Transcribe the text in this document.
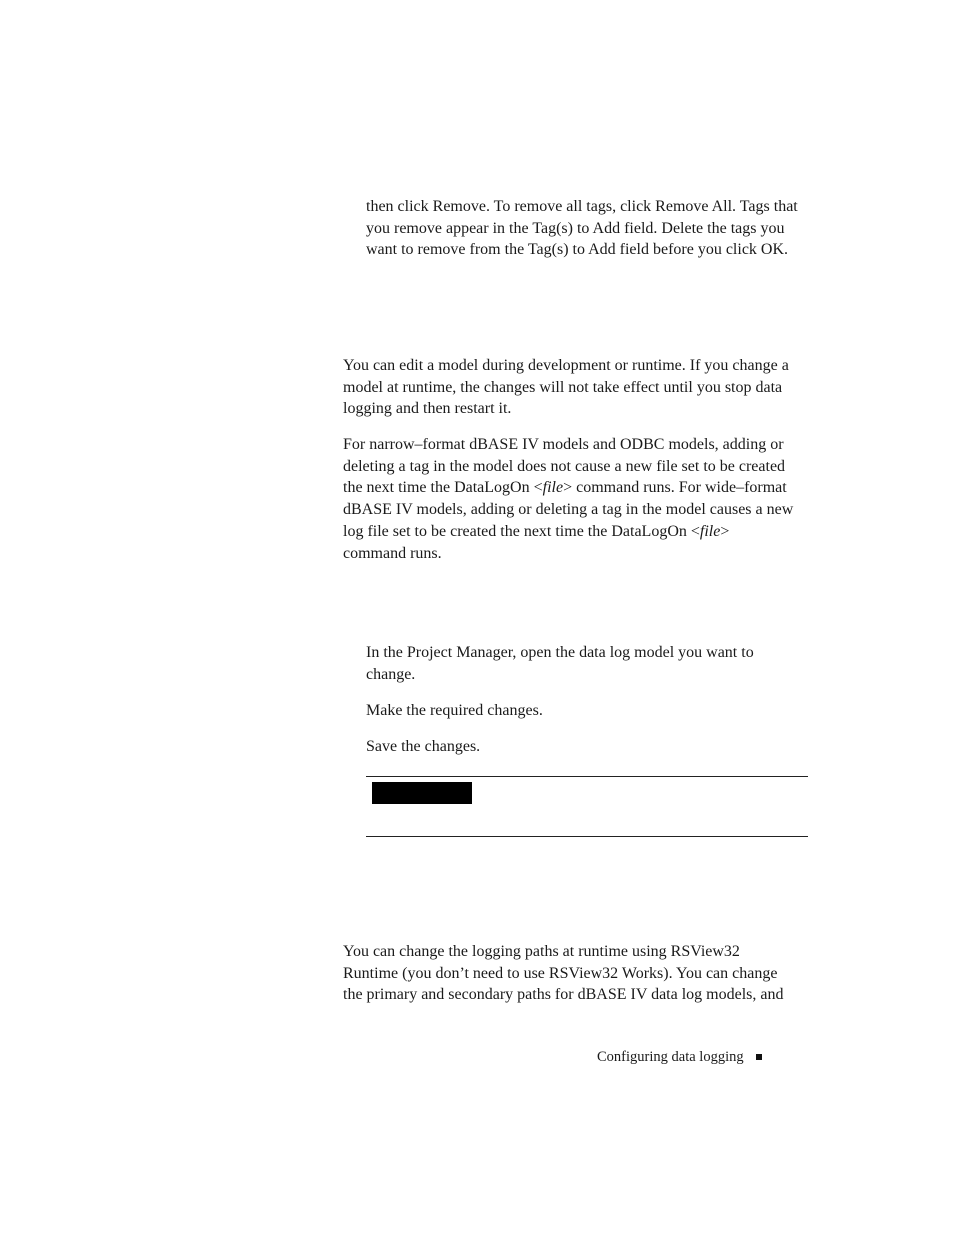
then click Remove. To remove all tags, click Remove All. Tags that
you remove appear in the Tag(s) to Add field. Delete the tags you
want to remove from the Tag(s) to Add field before you click OK.

You can edit a model during development or runtime. If you change a
model at runtime, the changes will not take effect until you stop data
logging and then restart it.

For narrow–format dBASE IV models and ODBC models, adding or
deleting a tag in the model does not cause a new file set to be created
the next time the DataLogOn <file> command runs. For wide–format
dBASE IV models, adding or deleting a tag in the model causes a new
log file set to be created the next time the DataLogOn <file>
command runs.

In the Project Manager, open the data log model you want to
change.

Make the required changes.

Save the changes.

You can change the logging paths at runtime using RSView32
Runtime (you don’t need to use RSView32 Works). You can change
the primary and secondary paths for dBASE IV data log models, and

Configuring data logging
